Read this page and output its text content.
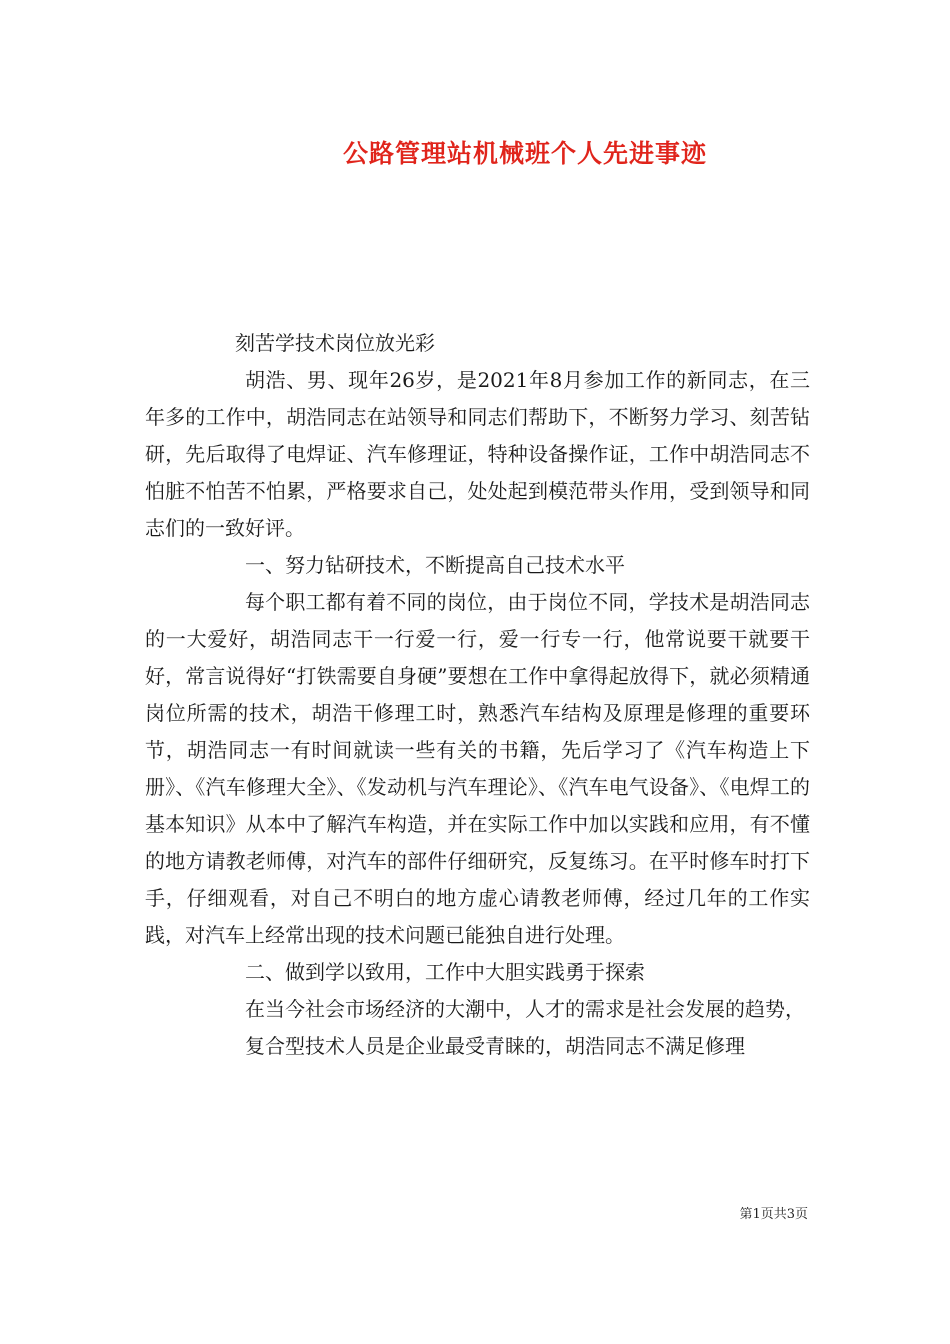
公路管理站机械班个人先进事迹

刻苦学技术岗位放光彩

胡浩、男、现年26岁，是2021年8月参加工作的新同志，在三年多的工作中，胡浩同志在站领导和同志们帮助下，不断努力学习、刻苦钻研，先后取得了电焊证、汽车修理证，特种设备操作证，工作中胡浩同志不怕脏不怕苦不怕累，严格要求自己，处处起到模范带头作用，受到领导和同志们的一致好评。

一、努力钻研技术，不断提高自己技术水平

每个职工都有着不同的岗位，由于岗位不同，学技术是胡浩同志的一大爱好，胡浩同志干一行爱一行，爱一行专一行，他常说要干就要干好，常言说得好“打铁需要自身硬”要想在工作中拿得起放得下，就必须精通岗位所需的技术，胡浩干修理工时，熟悉汽车结构及原理是修理的重要环节，胡浩同志一有时间就读一些有关的书籍，先后学习了《汽车构造上下册》、《汽车修理大全》、《发动机与汽车理论》、《汽车电气设备》、《电焊工的基本知识》从本中了解汽车构造，并在实际工作中加以实践和应用，有不懂的地方请教老师傅，对汽车的部件仔细研究，反复练习。在平时修车时打下手，仔细观看，对自己不明白的地方虚心请教老师傅，经过几年的工作实践，对汽车上经常出现的技术问题已能独自进行处理。

二、做到学以致用，工作中大胆实践勇于探索

在当今社会市场经济的大潮中，人才的需求是社会发展的趋势，

复合型技术人员是企业最受青睐的，胡浩同志不满足修理

第1页共3页
